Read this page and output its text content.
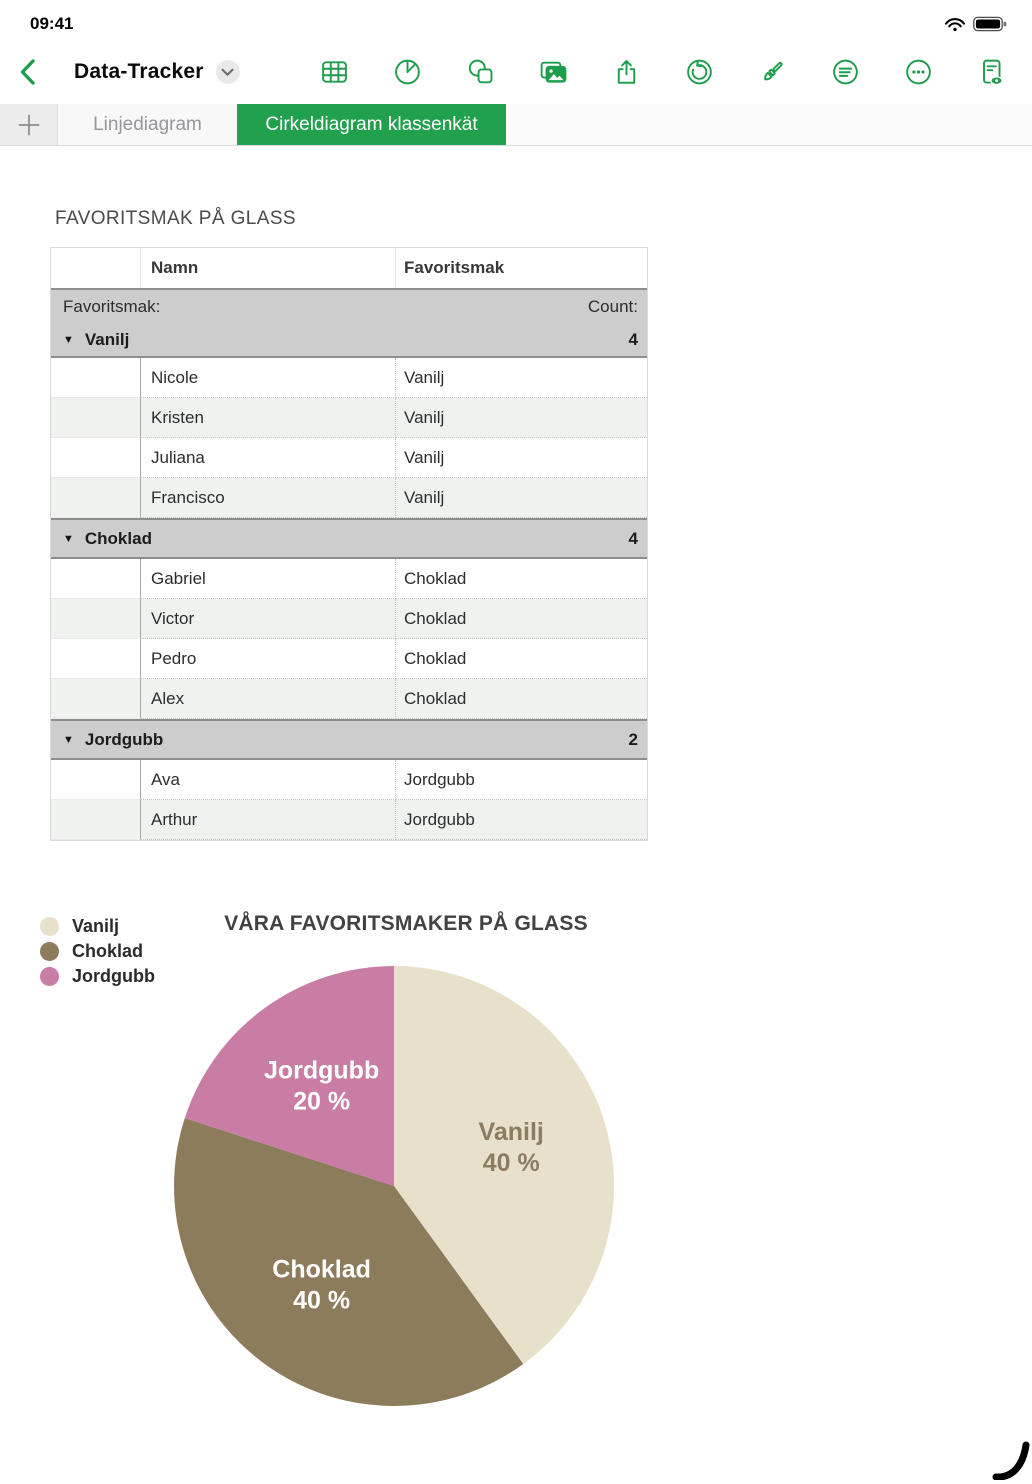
09:41
Data-Tracker
Linjediagram	Cirkeldiagram klassenkät
FAVORITSMAK PÅ GLASS
Namn	Favoritsmak
Favoritsmak:	Count:
▼ Vanilj	4
Nicole	Vanilj
Kristen	Vanilj
Juliana	Vanilj
Francisco	Vanilj
▼ Choklad	4
Gabriel	Choklad
Victor	Choklad
Pedro	Choklad
Alex	Choklad
▼ Jordgubb	2
Ava	Jordgubb
Arthur	Jordgubb
Vanilj
Choklad
Jordgubb
VÅRA FAVORITSMAKER PÅ GLASS
Vanilj 40 %
Choklad 40 %
Jordgubb 20 %
